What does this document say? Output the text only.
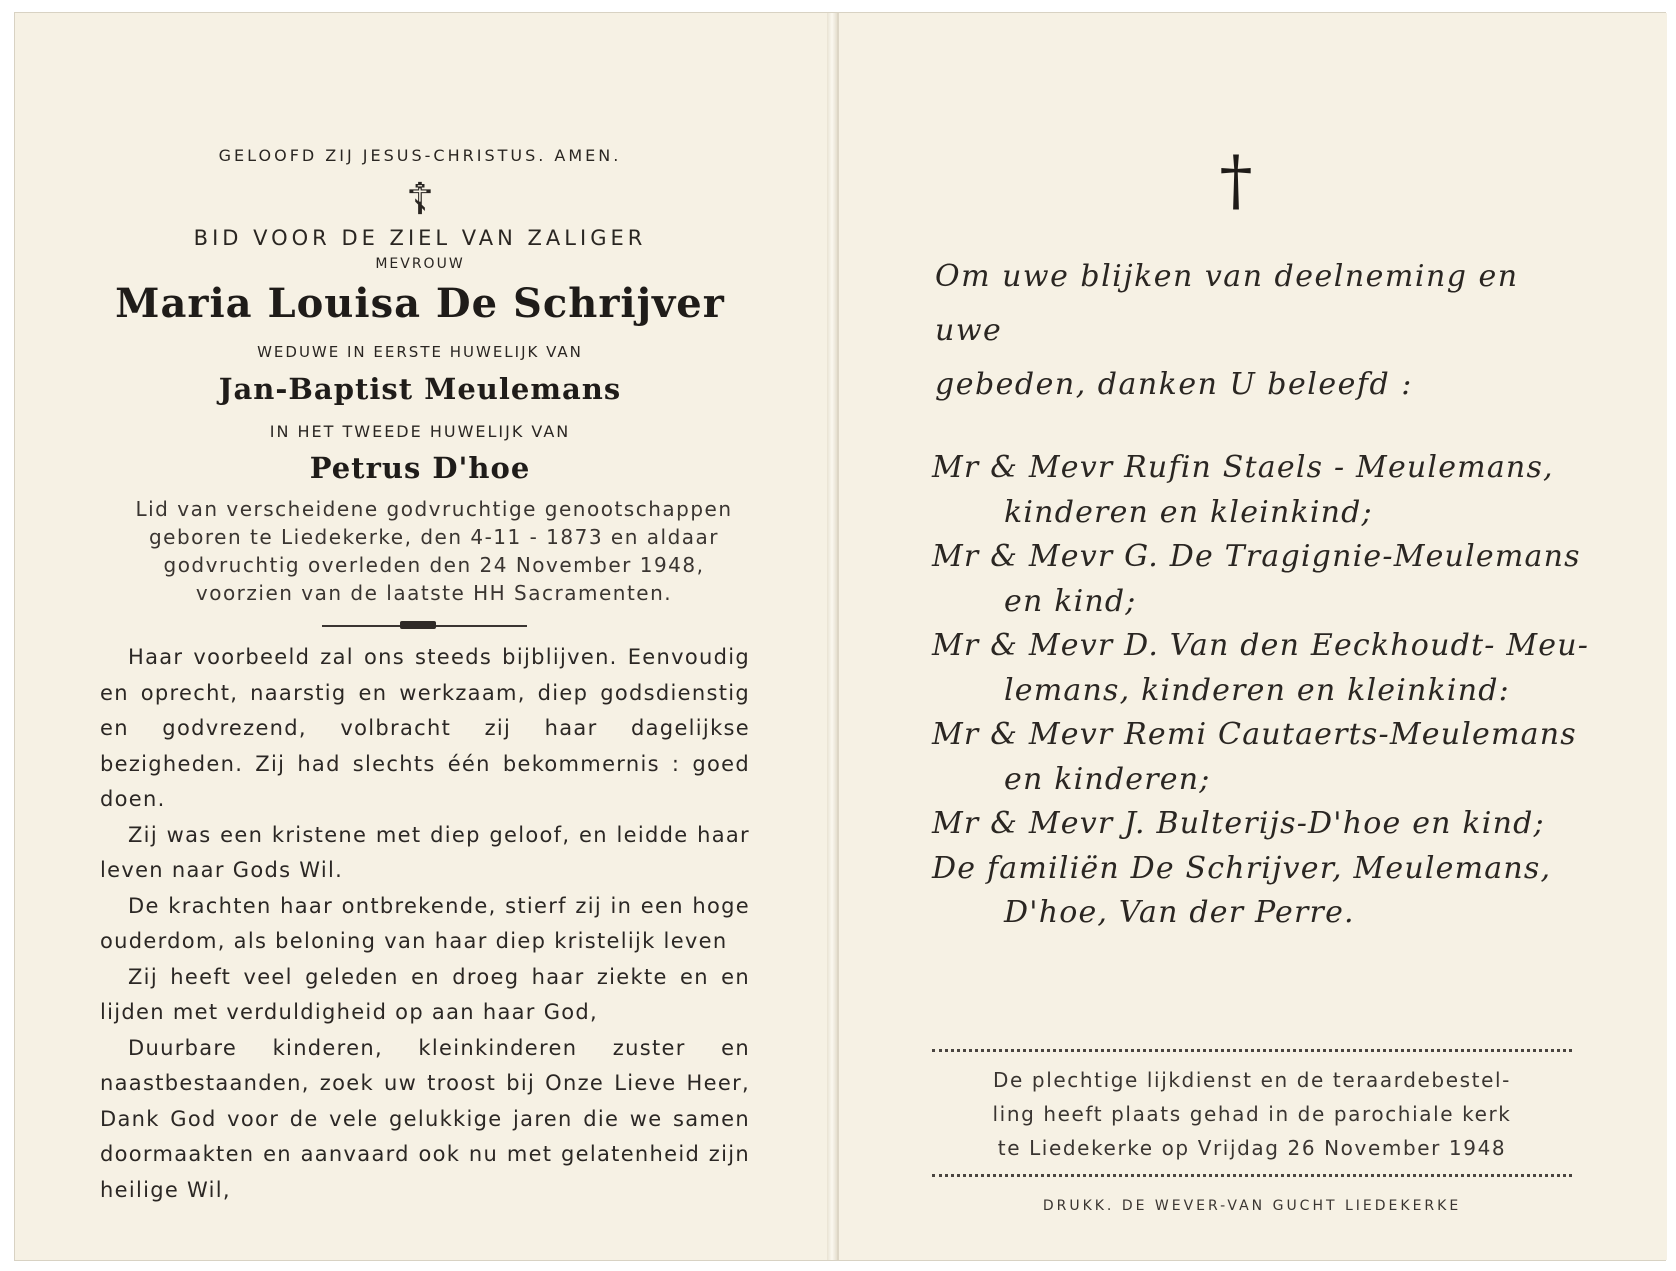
GELOOFD ZIJ JESUS-CHRISTUS. AMEN.
☦
BID VOOR DE ZIEL VAN ZALIGER
MEVROUW
Maria Louisa De Schrijver
WEDUWE IN EERSTE HUWELIJK VAN
Jan-Baptist Meulemans
IN HET TWEEDE HUWELIJK VAN
Petrus D'hoe
Lid van verscheidene godvruchtige genootschappen
geboren te Liedekerke, den 4-11 - 1873 en aldaar
godvruchtig overleden den 24 November 1948,
voorzien van de laatste HH Sacramenten.

Haar voorbeeld zal ons steeds bijblijven. Eenvoudig en oprecht, naarstig en werkzaam, diep godsdienstig en godvrezend, volbracht zij haar dagelijkse bezigheden. Zij had slechts één bekommernis : goed doen.

Zij was een kristene met diep geloof, en leidde haar leven naar Gods Wil.

De krachten haar ontbrekende, stierf zij in een hoge ouderdom, als beloning van haar diep kristelijk leven

Zij heeft veel geleden en droeg haar ziekte en en lijden met verduldigheid op aan haar God,

Duurbare kinderen, kleinkinderen zuster en naastbestaanden, zoek uw troost bij Onze Lieve Heer, Dank God voor de vele gelukkige jaren die we samen doormaakten en aanvaard ook nu met gelatenheid zijn heilige Wil,

†
Om uwe blijken van deelneming en uwe
gebeden, danken U beleefd :
Mr & Mevr Rufin Staels - Meulemans,
kinderen en kleinkind;
Mr & Mevr G. De Tragignie-Meulemans
en kind;
Mr & Mevr D. Van den Eeckhoudt- Meu-
lemans, kinderen en kleinkind:
Mr & Mevr Remi Cautaerts-Meulemans
en kinderen;
Mr & Mevr J. Bulterijs-D'hoe en kind;
De familiën De Schrijver, Meulemans,
D'hoe, Van der Perre.
De plechtige lijkdienst en de teraardebestel-
ling heeft plaats gehad in de parochiale kerk
te Liedekerke op Vrijdag 26 November 1948
DRUKK. DE WEVER-VAN GUCHT LIEDEKERKE
